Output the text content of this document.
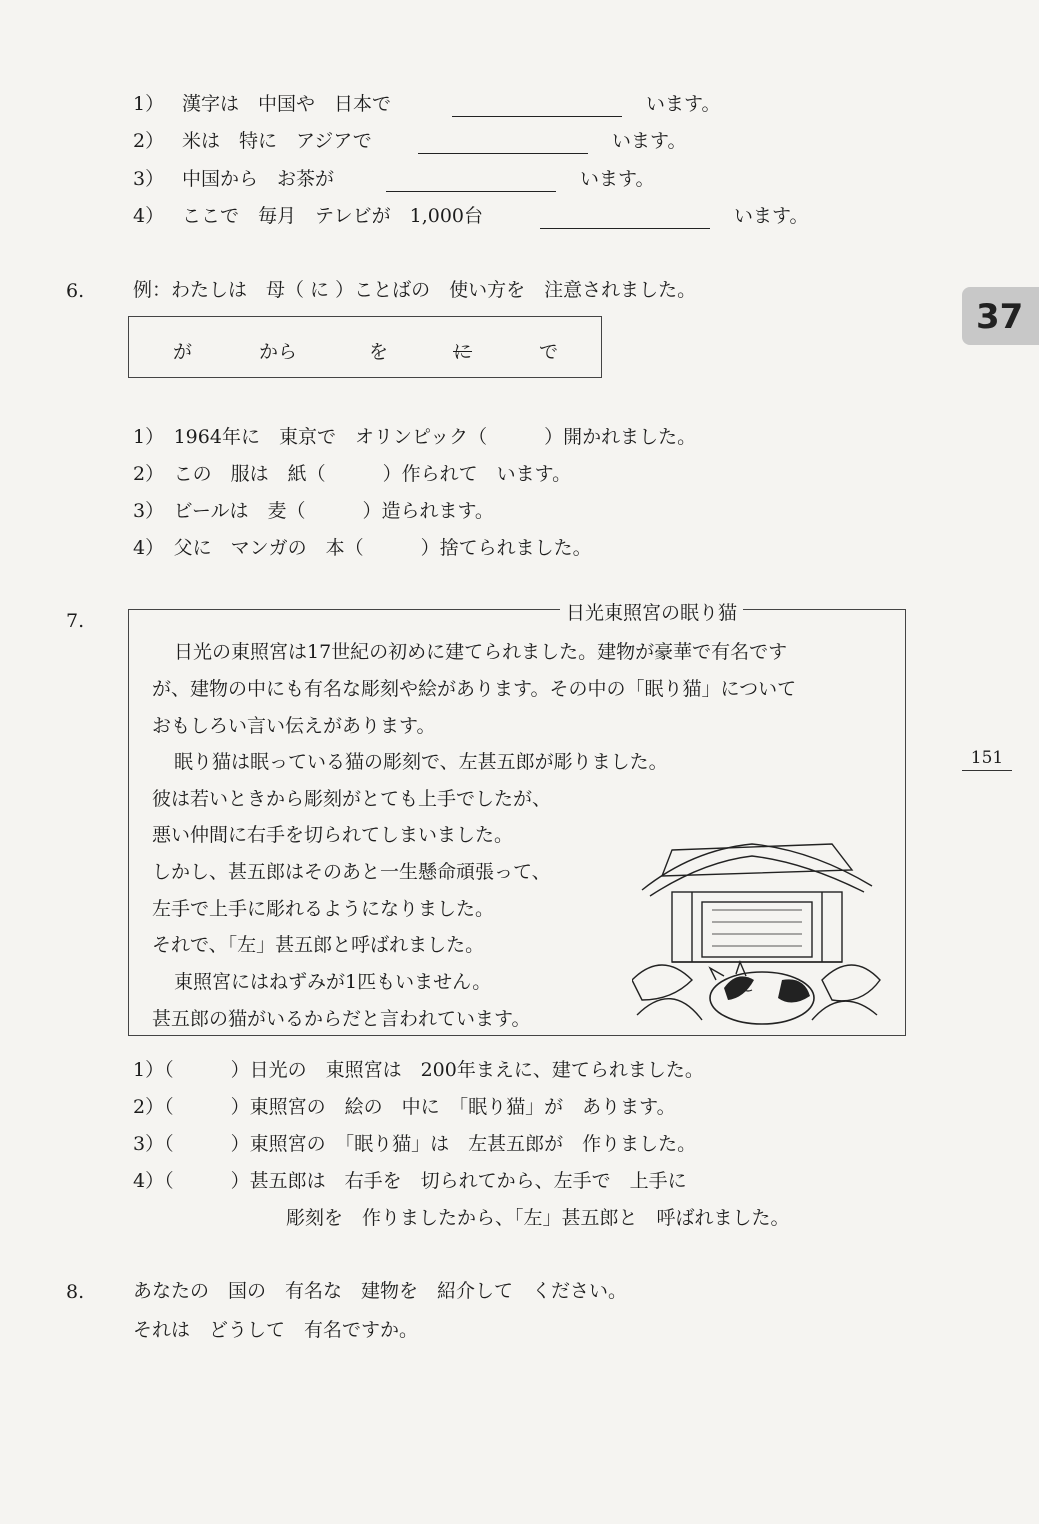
1） 漢字は　中国や　日本で	います。
2） 米は　特に　アジアで	います。
3） 中国から　お茶が	います。
4） ここで　毎月　テレビが　1,000台	います。
37
6.	例：わたしは　母（ に ）ことばの　使い方を　注意されました。
が	から	を	に	で
1）　1964年に　東京で　オリンピック（　　　）開かれました。
2）　この　服は　紙（　　　）作られて　います。
3）　ビールは　麦（　　　）造られます。
4）　父に　マンガの　本（　　　）捨てられました。
7.	日光東照宮の眠り猫
日光の東照宮は17世紀の初めに建てられました。建物が豪華で有名です
が、建物の中にも有名な彫刻や絵があります。その中の「眠り猫」について
おもしろい言い伝えがあります。
眠り猫は眠っている猫の彫刻で、左甚五郎が彫りました。
彼は若いときから彫刻がとても上手でしたが、
悪い仲間に右手を切られてしまいました。
しかし、甚五郎はそのあと一生懸命頑張って、
左手で上手に彫れるようになりました。
それで、「左」甚五郎と呼ばれました。
東照宮にはねずみが1匹もいません。
甚五郎の猫がいるからだと言われています。
1）（　　　）日光の　東照宮は　200年まえに、建てられました。
2）（　　　）東照宮の　絵の　中に　「眠り猫」が　あります。
3）（　　　）東照宮の　「眠り猫」は　左甚五郎が　作りました。
4）（　　　）甚五郎は　右手を　切られてから、左手で　上手に
彫刻を　作りましたから、「左」甚五郎と　呼ばれました。
151
8.	あなたの　国の　有名な　建物を　紹介して　ください。
それは　どうして　有名ですか。
